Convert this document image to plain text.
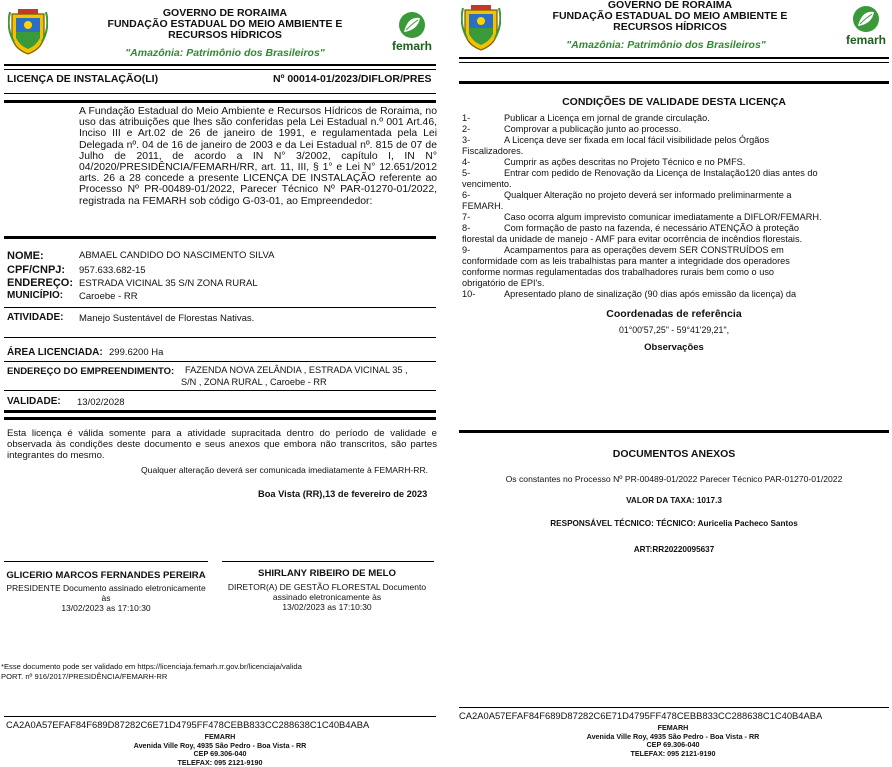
GOVERNO DE RORAIMA
FUNDAÇÃO ESTADUAL DO MEIO AMBIENTE E
RECURSOS HÍDRICOS
"Amazônia: Patrimônio dos Brasileiros"	femarh
LICENÇA DE INSTALAÇÃO(LI)	Nº 00014-01/2023/DIFLOR/PRES
A Fundação Estadual do Meio Ambiente e Recursos Hídricos de Roraima, no uso das atribuições que lhes são conferidas pela Lei Estadual n.º 001 Art.46, Inciso III e Art.02 de 26 de janeiro de 1991, e regulamentada pela Lei Delegada nº. 04 de 16 de janeiro de 2003 e da Lei Estadual nº. 815 de 07 de Julho de 2011, de acordo a IN N° 3/2002, capítulo I, IN N° 04/2020/PRESIDÊNCIA/FEMARH/RR, art. 11, III, § 1° e Lei N° 12.651/2012 arts. 26 a 28 concede a presente LICENÇA DE INSTALAÇÃO referente ao Processo Nº PR-00489-01/2022, Parecer Técnico Nº PAR-01270-01/2022, registrada na FEMARH sob código G-03-01, ao Empreendedor:
NOME:	ABMAEL CANDIDO DO NASCIMENTO SILVA
CPF/CNPJ: 957.633.682-15
ENDEREÇO: ESTRADA VICINAL 35 S/N ZONA RURAL
MUNICÍPIO: Caroebe - RR
ATIVIDADE: Manejo Sustentável de Florestas Nativas.
ÁREA LICENCIADA: 299.6200 Ha
ENDEREÇO DO EMPREENDIMENTO: FAZENDA NOVA ZELÂNDIA , ESTRADA VICINAL 35 ,
S/N , ZONA RURAL , Caroebe - RR
VALIDADE: 13/02/2028
Esta licença é válida somente para a atividade supracitada dentro do período de validade e observada às condições deste documento e seus anexos que embora não transcritos, são partes integrantes do mesmo.
Qualquer alteração deverá ser comunicada imediatamente à FEMARH-RR.
Boa Vista (RR),13 de fevereiro de 2023
GLICERIO MARCOS FERNANDES PEREIRA
PRESIDENTE Documento assinado eletronicamente
às
13/02/2023 as 17:10:30
SHIRLANY RIBEIRO DE MELO
DIRETOR(A) DE GESTÃO FLORESTAL Documento
assinado eletronicamente às
13/02/2023 as 17:10:30
*Esse documento pode ser validado em https://licenciaja.femarh.rr.gov.br/licenciaja/valida
PORT. nº 916/2017/PRESIDÊNCIA/FEMARH-RR
CA2A0A57EFAF84F689D87282C6E71D4795FF478CEBB833CC288638C1C40B4ABA
FEMARH
Avenida Ville Roy, 4935 São Pedro - Boa Vista - RR
CEP 69.306-040
TELEFAX: 095 2121-9190
GOVERNO DE RORAIMA
FUNDAÇÃO ESTADUAL DO MEIO AMBIENTE E
RECURSOS HÍDRICOS
"Amazônia: Patrimônio dos Brasileiros"	femarh
CONDIÇÕES DE VALIDADE DESTA LICENÇA
1-	Publicar a Licença em jornal de grande circulação.
2-	Comprovar a publicação junto ao processo.
3-	A Licença deve ser fixada em local fácil visibilidade pelos Órgãos
Fiscalizadores.
4-	Cumprir as ações descritas no Projeto Técnico e no PMFS.
5-	Entrar com pedido de Renovação da Licença de Instalação120 dias antes do
vencimento.
6-	Qualquer Alteração no projeto deverá ser informado preliminarmente a
FEMARH.
7-	Caso ocorra algum imprevisto comunicar imediatamente a DIFLOR/FEMARH.
8-	Com formação de pasto na fazenda, é necessário ATENÇÃO à proteção
florestal da unidade de manejo - AMF para evitar ocorrência de incêndios florestais.
9-	Acampamentos para as operações devem SER CONSTRUÍDOS em
conformidade com as leis trabalhistas para manter a integridade dos operadores conforme normas regulamentadas dos trabalhadores rurais bem como o uso obrigatório de EPI's.
10-	Apresentado plano de sinalização (90 dias após emissão da licença) da
Coordenadas de referência
01°00'57,25" - 59°41'29,21",
Observações
DOCUMENTOS ANEXOS
Os constantes no Processo Nº PR-00489-01/2022 Parecer Técnico PAR-01270-01/2022
VALOR DA TAXA: 1017.3
RESPONSÁVEL TÉCNICO: TÉCNICO: Auricelia Pacheco Santos
ART:RR20220095637
CA2A0A57EFAF84F689D87282C6E71D4795FF478CEBB833CC288638C1C40B4ABA
FEMARH
Avenida Ville Roy, 4935 São Pedro - Boa Vista - RR
CEP 69.306-040
TELEFAX: 095 2121-9190
